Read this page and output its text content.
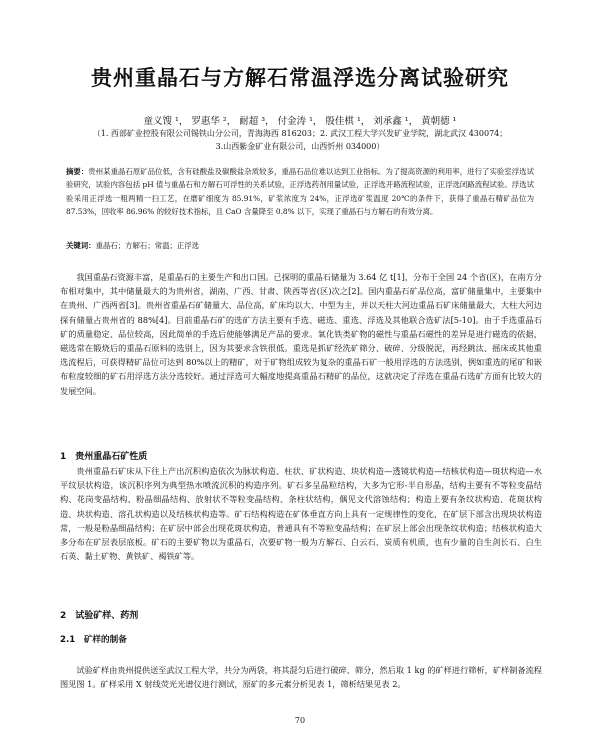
贵州重晶石与方解石常温浮选分离试验研究
童义馊 ¹， 罗惠华 ²， 耐超 ³， 付金涛 ¹， 殷佳棋 ¹， 刘承鑫 ¹， 黄朝德 ¹
（1. 西部矿业控股有限公司锡铁山分公司，青海海西 816203；2. 武汉工程大学兴发矿业学院，湖北武汉 430074；
3.山西紫金矿业有限公司，山西忻州 034000）
摘要：贵州某重晶石原矿品位低，含有硅酸盐及碳酸盐杂质较多，重晶石品位难以达到工业指标。为了提高资源的利用率，进行了实验室浮选试验研究，试验内容包括 pH 值与重晶石和方解石可浮性的关系试验，正浮选药剂用量试验，正浮选开路流程试验，正浮选闭路流程试验。浮选试验采用正浮选一粗两精一扫工艺，在磨矿细度为 85.91%，矿浆浓度为 24%，正浮选矿浆温度 20℃的条件下，获得了重晶石精矿品位为 87.53%，回收率 86.96% 的较好技术指标，且 CaO 含量降至 0.8% 以下，实现了重晶石与方解石的有效分离。
关键词：重晶石；方解石；常温；正浮选
我国重晶石资源丰富，是重晶石的主要生产和出口国。已探明的重晶石储量为 3.64 亿 t[1]，分布于全国 24 个省(区)，在南方分布相对集中，其中储量最大的为贵州省，湖南、广西、甘肃、陕西等省(区)次之[2]。国内重晶石矿品位高，富矿储量集中，主要集中在贵州、广西两省[3]。贵州省重晶石矿储量大、品位高，矿床均以大、中型为主，并以天柱大河边重晶石矿床储量最大，大柱大河边探有储量占贵州省的 88%[4]。目前重晶石矿的选矿方法主要有手选、磁选、重选、浮选及其他联合选矿法[5-10]。由于手选重晶石矿的质量稳定、品位较高，因此简单的手选后使能够满足产品的要求。氧化铁类矿物的磁性与重晶石磁性的差异是进行磁选的依据，磁选常在锻烧后的重晶石原料的选别上，因为其要求含铁很低。重选是抓矿经洗矿筛分、破碎、分级脱泥，再经跳汰、摇床或其他重选流程后，可获得精矿品位可达到 80%以上的精矿，对于矿物组成较为复杂的重晶石矿一般用浮选的方法选别，例如重选的尾矿和嵌布粒度较细的矿石用浮选方法分选较好。通过浮选可大幅度地提高重晶石精矿的品位，这就决定了浮选在重晶石选矿方面有比较大的发展空间。
1　贵州重晶石矿性质
贵州重晶石矿床从下往上产出沉积构造依次为脉状构造、柱状、矿状构造、块状构造—透镜状构造—结核状构造—斑状构造—水平纹层状构造，该沉积序列为典型热水喷流沉积的构造序列。矿石多呈晶粒结构，大多为它形-半自形晶，结构主要有不等粒变晶结构、花岗变晶结构、粉晶细晶结构、放射状不等粒变晶结构、条柱状结构，偶见文代溶蚀结构；构造上要有条纹状构造、花斑状构造、块状构造、溶孔状构造以及结核状构造等。矿石结构构造在矿体垂直方向上具有一定规律性的变化，在矿层下部含出现块状构造常，一般是粉晶细晶结构；在矿层中部会出现花斑状构造，普通具有不等粒变晶结构；在矿层上部会出现条纹状构造；结核状构造大多分布在矿层表层底板。矿石的主要矿物以为重晶石，次要矿物一般为方解石、白云石、炭质有机质，也有少量的自生剑长石、白生石英、黏土矿物、黄铁矿、褐铁矿等。
2　试验矿样、药剂
2.1　矿样的制备
试验矿样由贵州提供送至武汉工程大学，共分为两袋，将其混匀后进行破碎、筛分，然后取 1 kg 的矿样进行筛析，矿样制备流程图见图 1。矿样采用 X 射线荧光光谱仪进行测试，原矿的多元素分析见表 1，筛析结果见表 2。
70
